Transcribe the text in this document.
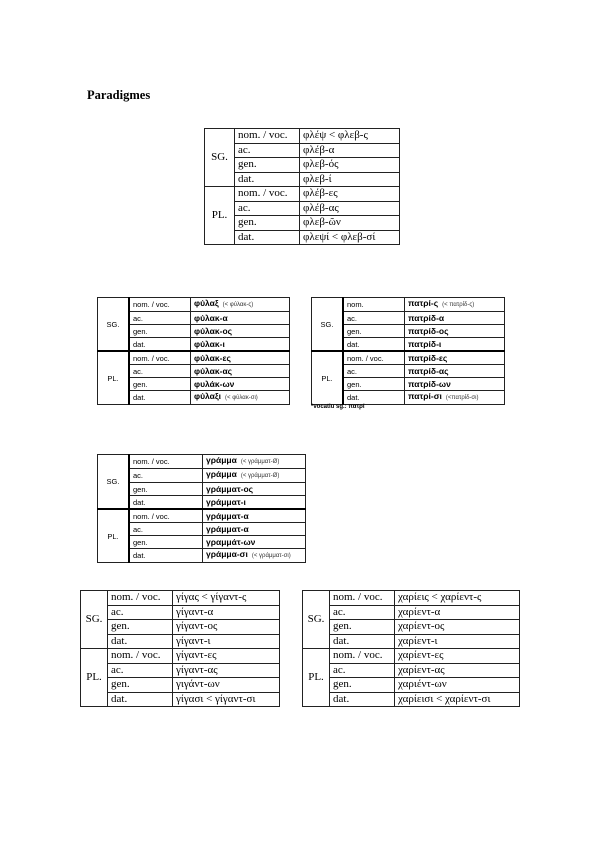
Paradigmes
SG.	nom. / voc.	φλέψ < φλεβ-ς
	ac.	φλέβ-α
	gen.	φλεβ-ός
	dat.	φλεβ-ί
PL.	nom. / voc.	φλέβ-ες
	ac.	φλέβ-ας
	gen.	φλεβ-ῶν
	dat.	φλεψί < φλεβ-σί
SG.	nom. / voc.	φύλαξ (< φύλακ-ς)
	ac.	φύλακ-α
	gen.	φύλακ-ος
	dat.	φύλακ-ι
PL.	nom. / voc.	φύλακ-ες
	ac.	φύλακ-ας
	gen.	φυλάκ-ων
	dat.	φύλαξι (< φύλακ-σι)
SG.	nom.	πατρί-ς (< πατρίδ-ς)
	ac.	πατρίδ-α
	gen.	πατρίδ-ος
	dat.	πατρίδ-ι
PL.	nom. / voc.	πατρίδ-ες
	ac.	πατρίδ-ας
	gen.	πατρίδ-ων
	dat.	πατρί-σι (<πατρίδ-σι)
*vocatiu sg.: πατρί
SG.	nom. / voc.	γράμμα (< γράμματ-Ø)
	ac.	γράμμα (< γράμματ-Ø)
	gen.	γράμματ-ος
	dat.	γράμματ-ι
PL.	nom. / voc.	γράμματ-α
	ac.	γράμματ-α
	gen.	γραμμάτ-ων
	dat.	γράμμα-σι (< γράμματ-σι)
SG.	nom. / voc.	γίγας < γίγαντ-ς
	ac.	γίγαντ-α
	gen.	γίγαντ-ος
	dat.	γίγαντ-ι
PL.	nom. / voc.	γίγαντ-ες
	ac.	γίγαντ-ας
	gen.	γιγάντ-ων
	dat.	γίγασι < γίγαντ-σι
SG.	nom. / voc.	χαρίεις < χαρίεντ-ς
	ac.	χαρίεντ-α
	gen.	χαρίεντ-ος
	dat.	χαρίεντ-ι
PL.	nom. / voc.	χαρίεντ-ες
	ac.	χαρίεντ-ας
	gen.	χαριέντ-ων
	dat.	χαρίεισι < χαρίεντ-σι
